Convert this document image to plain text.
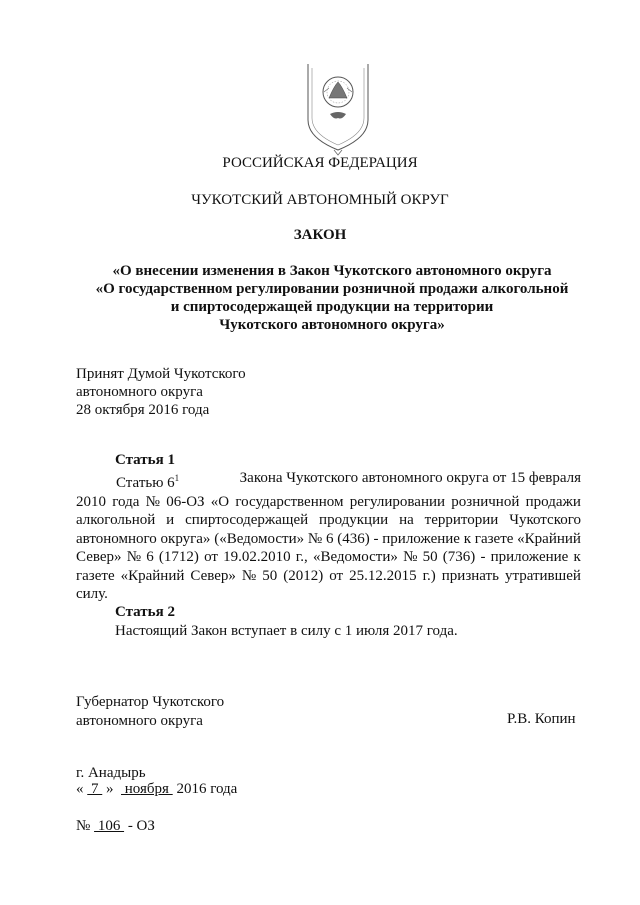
РОССИЙСКАЯ ФЕДЕРАЦИЯ
ЧУКОТСКИЙ АВТОНОМНЫЙ ОКРУГ
ЗАКОН
«О внесении изменения в Закон Чукотского автономного округа
«О государственном регулировании розничной продажи алкогольной
и спиртосодержащей продукции на территории
Чукотского автономного округа»
Принят Думой Чукотского
автономного округа
28 октября 2016 года
Статья 1
Статью $6^1$	Закона Чукотского автономного округа от 15 февраля
2010 года № 06-ОЗ «О государственном регулировании розничной продажи
алкогольной и спиртосодержащей продукции на территории Чукотского
автономного округа» («Ведомости» № 6 (436) - приложение к газете «Крайний
Север» № 6 (1712) от 19.02.2010 г., «Ведомости» № 50 (736) - приложение к
газете «Крайний Север» № 50 (2012) от 25.12.2015 г.) признать утратившей
силу.
Статья 2
Настоящий Закон вступает в силу с 1 июля 2017 года.
Губернатор Чукотского
автономного округа	Р.В. Копин
г. Анадырь
«  7  »   ноября  2016 года
№  106  - ОЗ
